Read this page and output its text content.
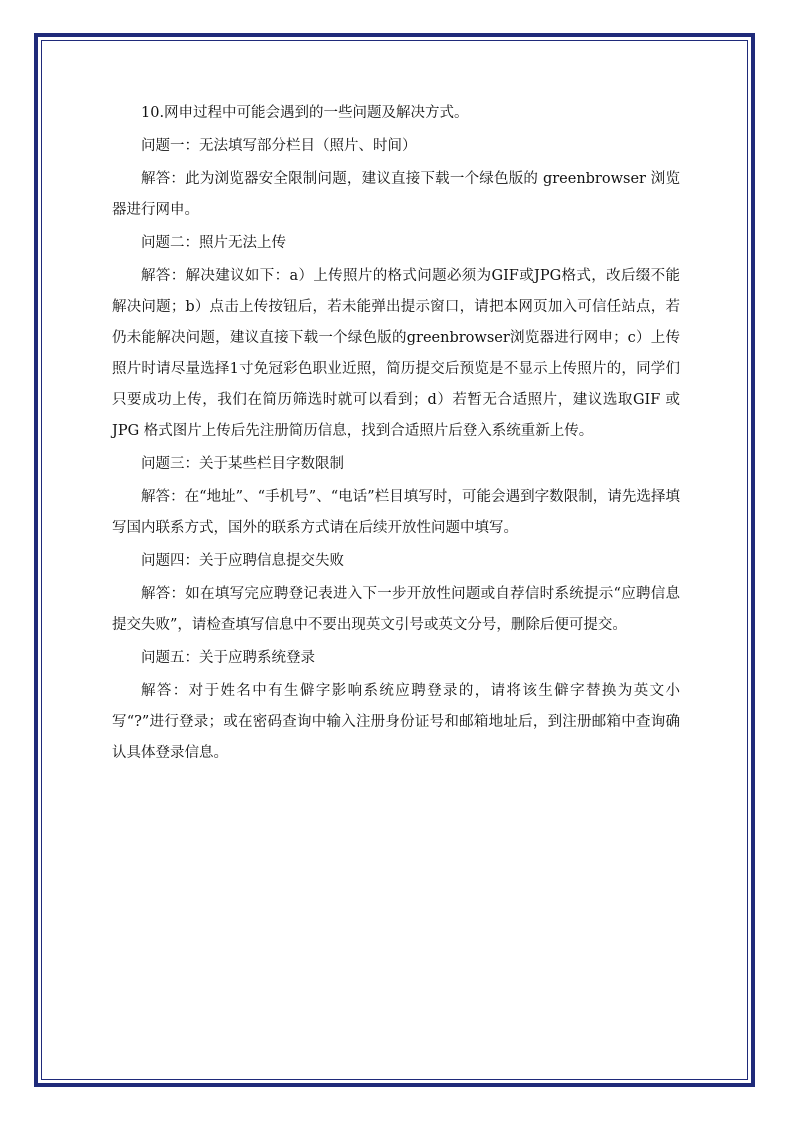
10.网申过程中可能会遇到的一些问题及解决方式。

问题一：无法填写部分栏目（照片、时间）

解答：此为浏览器安全限制问题，建议直接下载一个绿色版的 greenbrowser 浏览器进行网申。

问题二：照片无法上传

解答：解决建议如下：a）上传照片的格式问题必须为GIF或JPG格式，改后缀不能解决问题；b）点击上传按钮后，若未能弹出提示窗口，请把本网页加入可信任站点，若仍未能解决问题，建议直接下载一个绿色版的greenbrowser浏览器进行网申；c）上传照片时请尽量选择1寸免冠彩色职业近照，简历提交后预览是不显示上传照片的，同学们只要成功上传，我们在简历筛选时就可以看到；d）若暂无合适照片，建议选取GIF 或 JPG 格式图片上传后先注册简历信息，找到合适照片后登入系统重新上传。

问题三：关于某些栏目字数限制

解答：在“地址”、“手机号”、“电话”栏目填写时，可能会遇到字数限制，请先选择填写国内联系方式，国外的联系方式请在后续开放性问题中填写。

问题四：关于应聘信息提交失败

解答：如在填写完应聘登记表进入下一步开放性问题或自荐信时系统提示“应聘信息提交失败”，请检查填写信息中不要出现英文引号或英文分号，删除后便可提交。

问题五：关于应聘系统登录

解答：对于姓名中有生僻字影响系统应聘登录的，请将该生僻字替换为英文小写“?”进行登录；或在密码查询中输入注册身份证号和邮箱地址后，到注册邮箱中查询确认具体登录信息。
